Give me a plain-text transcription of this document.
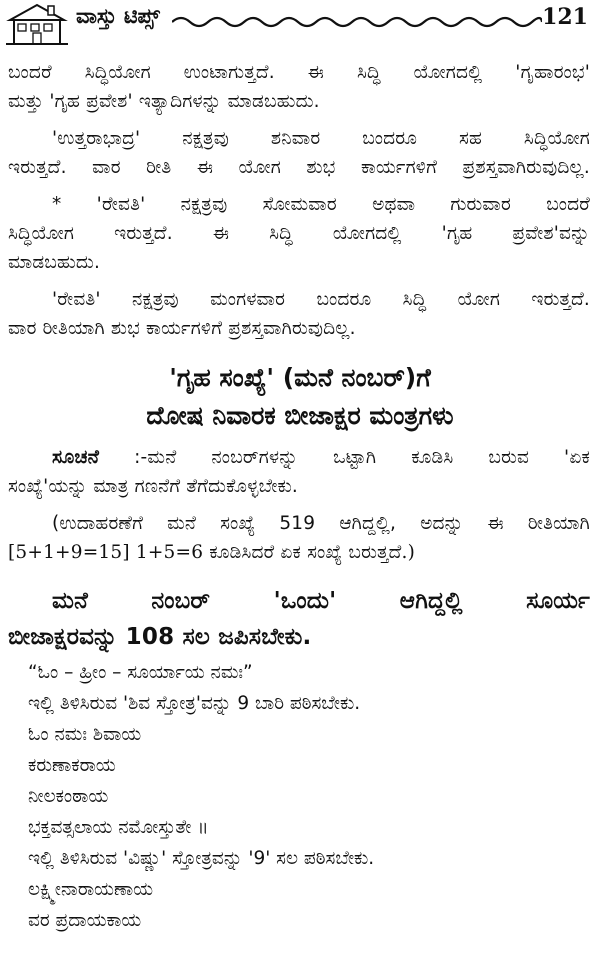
ವಾಸ್ತು ಟಿಪ್ಸ್	121
ಬಂದರೆ ಸಿದ್ಧಿಯೋಗ ಉಂಟಾಗುತ್ತದೆ. ಈ ಸಿದ್ಧಿ ಯೋಗದಲ್ಲಿ 'ಗೃಹಾರಂಭ'
ಮತ್ತು 'ಗೃಹ ಪ್ರವೇಶ' ಇತ್ಯಾದಿಗಳನ್ನು ಮಾಡಬಹುದು.
'ಉತ್ತರಾಭಾದ್ರ' ನಕ್ಷತ್ರವು ಶನಿವಾರ ಬಂದರೂ ಸಹ ಸಿದ್ಧಿಯೋಗ
ಇರುತ್ತದೆ. ವಾರ ರೀತಿ ಈ ಯೋಗ ಶುಭ ಕಾರ್ಯಗಳಿಗೆ ಪ್ರಶಸ್ತವಾಗಿರುವುದಿಲ್ಲ.
* 'ರೇವತಿ' ನಕ್ಷತ್ರವು ಸೋಮವಾರ ಅಥವಾ ಗುರುವಾರ ಬಂದರೆ
ಸಿದ್ಧಿಯೋಗ ಇರುತ್ತದೆ. ಈ ಸಿದ್ಧಿ ಯೋಗದಲ್ಲಿ 'ಗೃಹ ಪ್ರವೇಶ'ವನ್ನು
ಮಾಡಬಹುದು.
'ರೇವತಿ' ನಕ್ಷತ್ರವು ಮಂಗಳವಾರ ಬಂದರೂ ಸಿದ್ಧಿ ಯೋಗ ಇರುತ್ತದೆ.
ವಾರ ರೀತಿಯಾಗಿ ಶುಭ ಕಾರ್ಯಗಳಿಗೆ ಪ್ರಶಸ್ತವಾಗಿರುವುದಿಲ್ಲ.
'ಗೃಹ ಸಂಖ್ಯೆ' (ಮನೆ ನಂಬರ್)ಗೆ
ದೋಷ ನಿವಾರಕ ಬೀಜಾಕ್ಷರ ಮಂತ್ರಗಳು
ಸೂಚನೆ :-ಮನೆ ನಂಬರ್‌ಗಳನ್ನು ಒಟ್ಟಾಗಿ ಕೂಡಿಸಿ ಬರುವ 'ಏಕ
ಸಂಖ್ಯೆ'ಯನ್ನು ಮಾತ್ರ ಗಣನೆಗೆ ತೆಗೆದುಕೊಳ್ಳಬೇಕು.
(ಉದಾಹರಣೆಗೆ ಮನೆ ಸಂಖ್ಯೆ 519 ಆಗಿದ್ದಲ್ಲಿ, ಅದನ್ನು ಈ ರೀತಿಯಾಗಿ
[5+1+9=15] 1+5=6 ಕೂಡಿಸಿದರೆ ಏಕ ಸಂಖ್ಯೆ ಬರುತ್ತದೆ.)
ಮನೆ ನಂಬರ್ 'ಒಂದು' ಆಗಿದ್ದಲ್ಲಿ ಸೂರ್ಯ
ಬೀಜಾಕ್ಷರವನ್ನು 108 ಸಲ ಜಪಿಸಬೇಕು.
“ಓಂ – ಹ್ರೀಂ – ಸೂರ್ಯಾಯ ನಮಃ”
ಇಲ್ಲಿ ತಿಳಿಸಿರುವ 'ಶಿವ ಸ್ತೋತ್ರ'ವನ್ನು 9 ಬಾರಿ ಪಠಿಸಬೇಕು.
ಓಂ ನಮಃ ಶಿವಾಯ
ಕರುಣಾಕರಾಯ
ನೀಲಕಂಠಾಯ
ಭಕ್ತವತ್ಸಲಾಯ ನಮೋಸ್ತುತೇ ॥
ಇಲ್ಲಿ ತಿಳಿಸಿರುವ 'ವಿಷ್ಣು' ಸ್ತೋತ್ರವನ್ನು '9' ಸಲ ಪಠಿಸಬೇಕು.
ಲಕ್ಷ್ಮೀನಾರಾಯಣಾಯ
ವರ ಪ್ರದಾಯಕಾಯ
